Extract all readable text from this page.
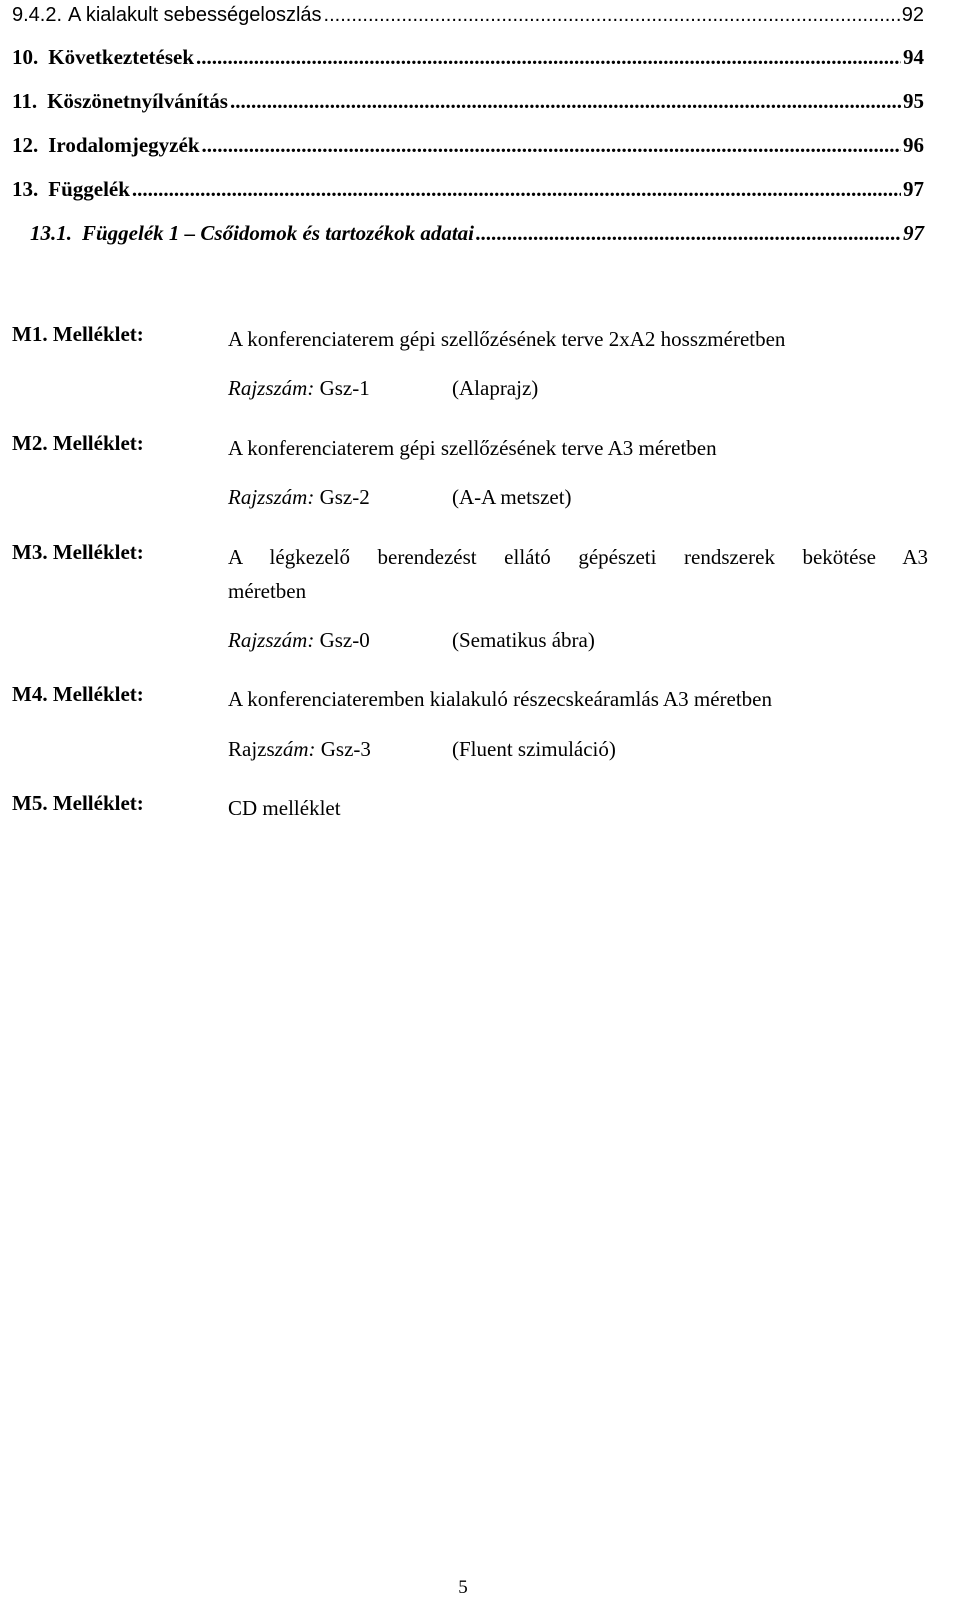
9.4.2. A kialakult sebességeloszlás .....	92
10. Következtetések .....	94
11. Köszönetnyílvánítás .....	95
12. Irodalomjegyzék .....	96
13. Függelék .....	97
13.1. Függelék 1 – Csőidomok és tartozékok adatai .....	97
M1. Melléklet:	A konferenciaterem gépi szellőzésének terve 2xA2 hosszméretben
Rajzszám: Gsz-1	(Alaprajz)
M2. Melléklet:	A konferenciaterem gépi szellőzésének terve A3 méretben
Rajzszám: Gsz-2	(A-A metszet)
M3. Melléklet:	A légkezelő berendezést ellátó gépészeti rendszerek bekötése A3
méretben
Rajzszám: Gsz-0	(Sematikus ábra)
M4. Melléklet:	A konferenciateremben kialakuló részecskeáramlás A3 méretben
Rajzszám: Gsz-3	(Fluent szimuláció)
M5. Melléklet:	CD melléklet
5
